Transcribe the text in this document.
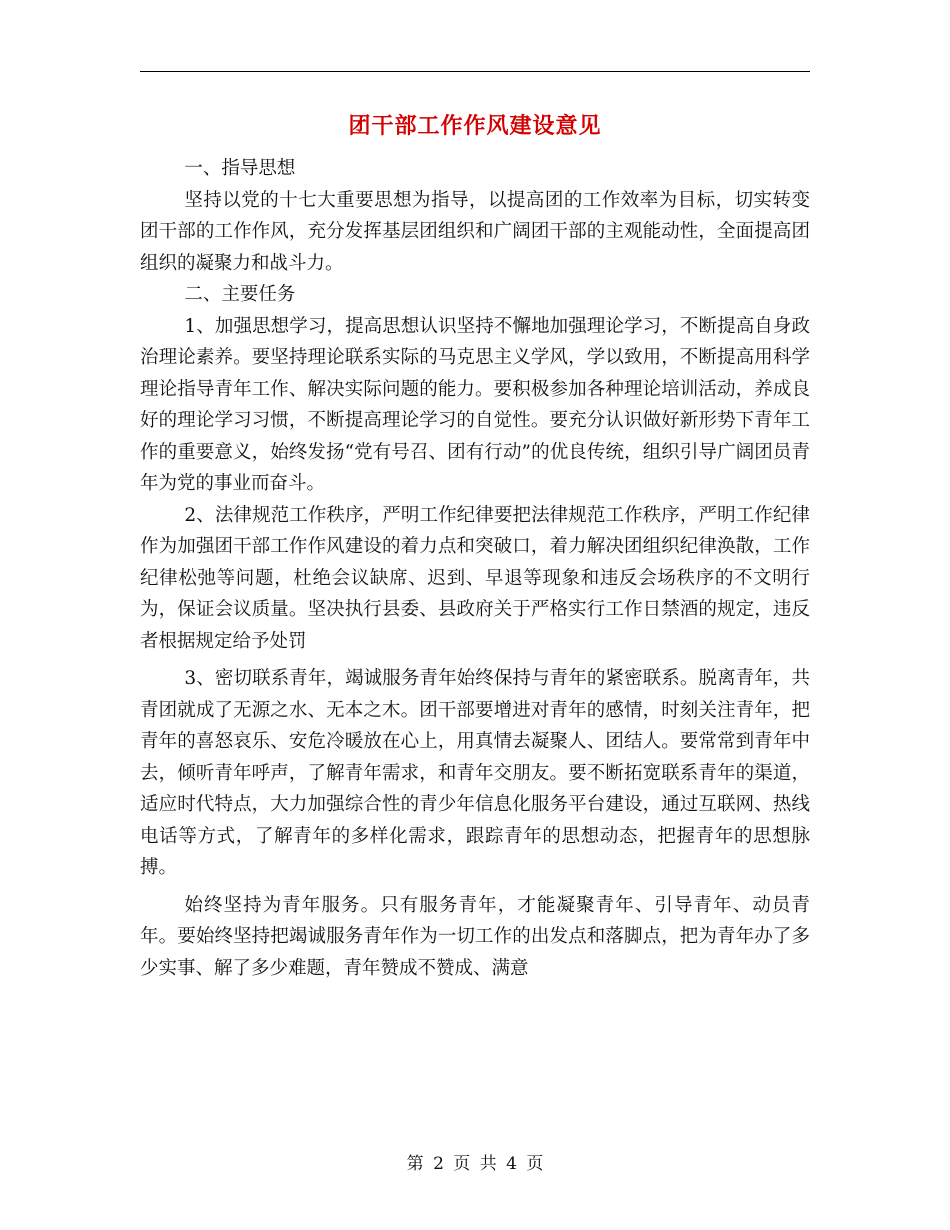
团干部工作作风建设意见

一、指导思想

坚持以党的十七大重要思想为指导，以提高团的工作效率为目标，切实转变团干部的工作作风，充分发挥基层团组织和广阔团干部的主观能动性，全面提高团组织的凝聚力和战斗力。

二、主要任务

1、加强思想学习，提高思想认识坚持不懈地加强理论学习，不断提高自身政治理论素养。要坚持理论联系实际的马克思主义学风，学以致用，不断提高用科学理论指导青年工作、解决实际问题的能力。要积极参加各种理论培训活动，养成良好的理论学习习惯，不断提高理论学习的自觉性。要充分认识做好新形势下青年工作的重要意义，始终发扬“党有号召、团有行动”的优良传统，组织引导广阔团员青年为党的事业而奋斗。

2、法律规范工作秩序，严明工作纪律要把法律规范工作秩序，严明工作纪律作为加强团干部工作作风建设的着力点和突破口，着力解决团组织纪律涣散，工作纪律松弛等问题，杜绝会议缺席、迟到、早退等现象和违反会场秩序的不文明行为，保证会议质量。坚决执行县委、县政府关于严格实行工作日禁酒的规定，违反者根据规定给予处罚

3、密切联系青年，竭诚服务青年始终保持与青年的紧密联系。脱离青年，共青团就成了无源之水、无本之木。团干部要增进对青年的感情，时刻关注青年，把青年的喜怒哀乐、安危冷暖放在心上，用真情去凝聚人、团结人。要常常到青年中去，倾听青年呼声，了解青年需求，和青年交朋友。要不断拓宽联系青年的渠道，适应时代特点，大力加强综合性的青少年信息化服务平台建设，通过互联网、热线电话等方式，了解青年的多样化需求，跟踪青年的思想动态，把握青年的思想脉搏。

始终坚持为青年服务。只有服务青年，才能凝聚青年、引导青年、动员青年。要始终坚持把竭诚服务青年作为一切工作的出发点和落脚点，把为青年办了多少实事、解了多少难题，青年赞成不赞成、满意

第 2 页 共 4 页
